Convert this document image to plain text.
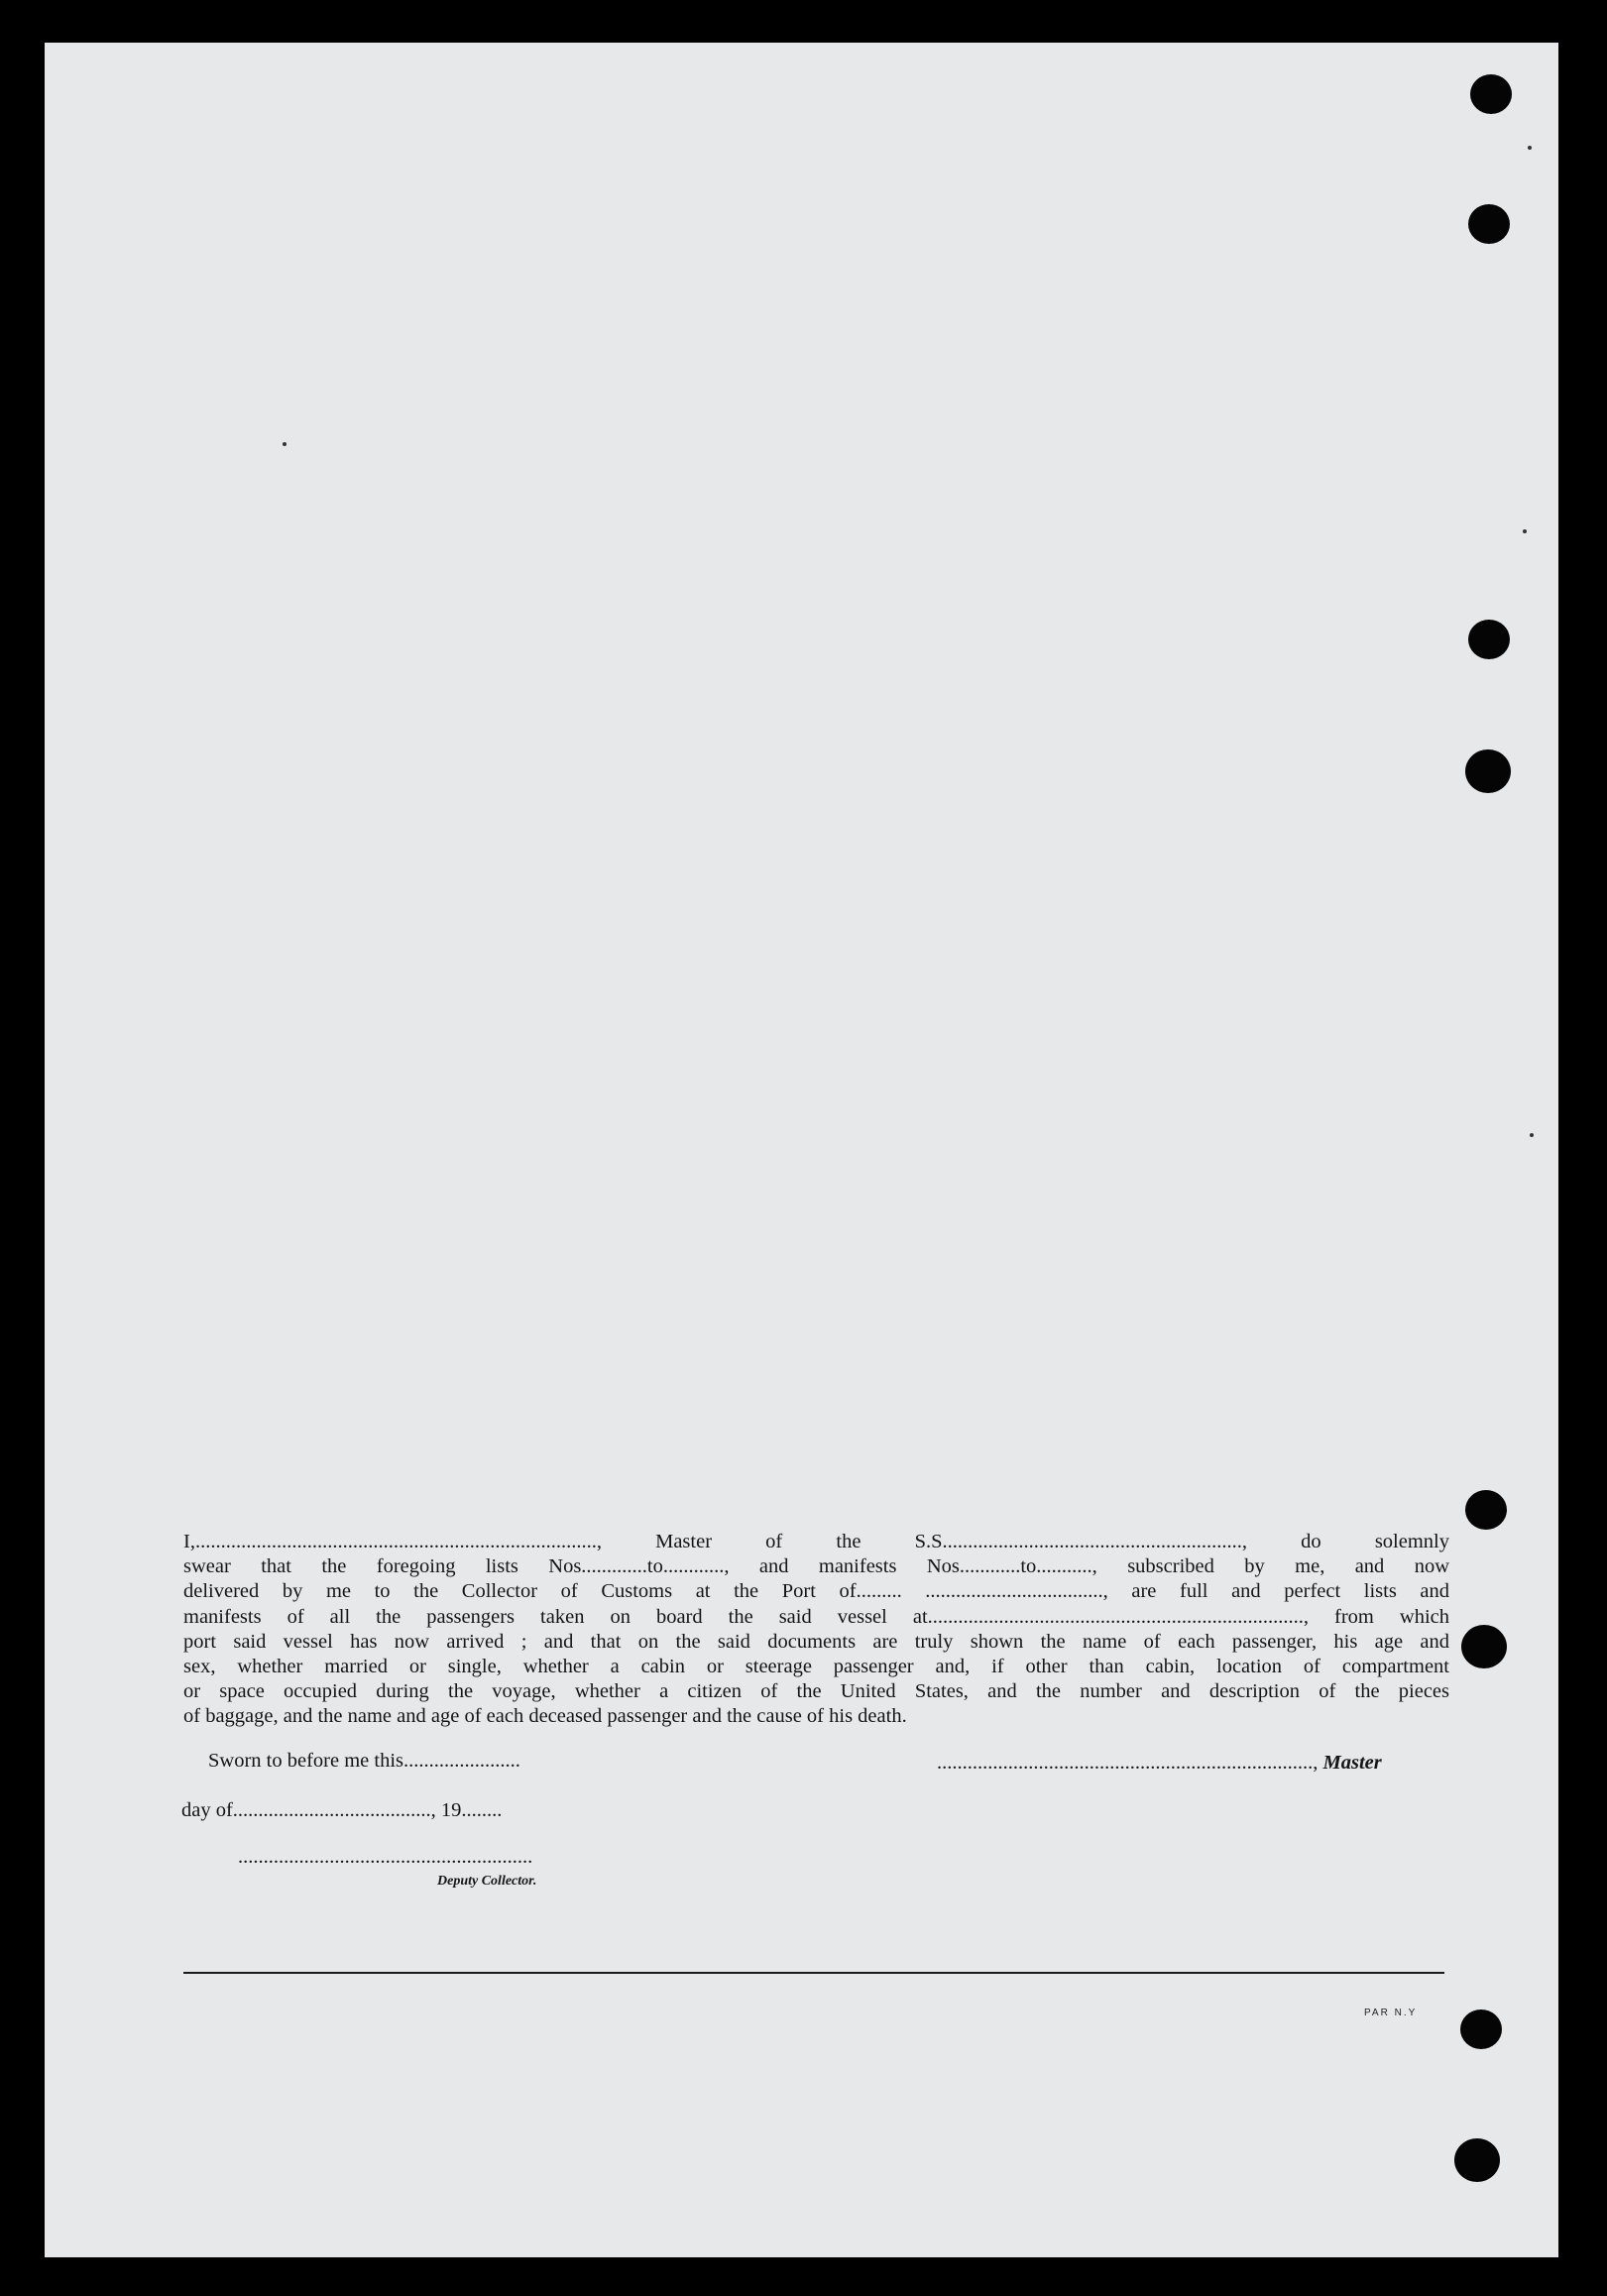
I,..............................................................................., Master of the S.S..........................................................., do solemnly
swear that the foregoing lists Nos.............to............, and manifests Nos............to..........., subscribed by me, and now
delivered by me to the Collector of Customs at the Port of......... ..................................., are full and perfect lists and
manifests of all the passengers taken on board the said vessel at.........................................................................., from which
port said vessel has now arrived ; and that on the said documents are truly shown the name of each passenger, his age and
sex, whether married or single, whether a cabin or steerage passenger and, if other than cabin, location of compartment
or space occupied during the voyage, whether a citizen of the United States, and the number and description of the pieces
of baggage, and the name and age of each deceased passenger and the cause of his death.

Sworn to before me this.......................	.........................................................................., Master
day of......................................., 19........
..........................................................
Deputy Collector.
PAR N.Y
